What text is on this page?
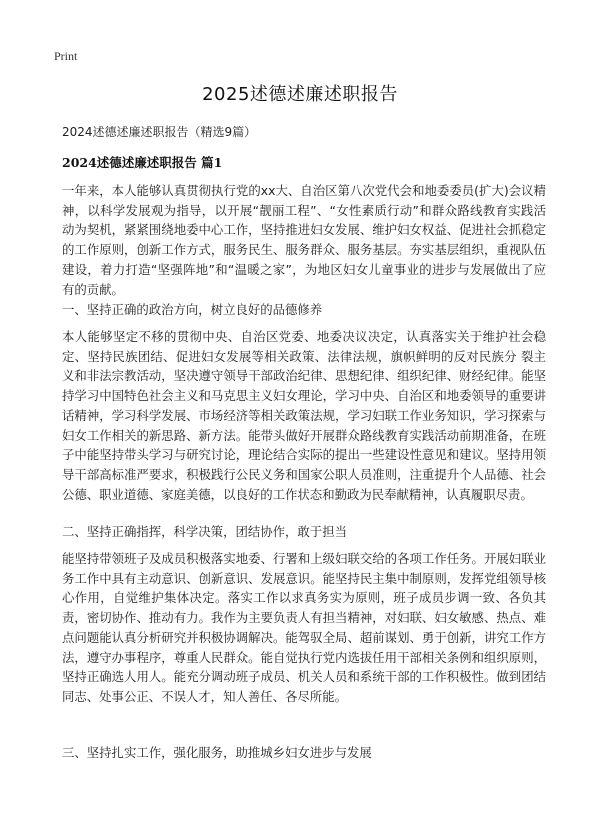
Print
2025述德述廉述职报告
2024述德述廉述职报告（精选9篇）
2024述德述廉述职报告 篇1

一年来，本人能够认真贯彻执行党的xx大、自治区第八次党代会和地委委员(扩大)会议精神，以科学发展观为指导，以开展“靓丽工程”、“女性素质行动”和群众路线教育实践活动为契机，紧紧围绕地委中心工作，坚持推进妇女发展、维护妇女权益、促进社会抓稳定的工作原则，创新工作方式，服务民生、服务群众、服务基层。夯实基层组织，重视队伍建设，着力打造“坚强阵地”和“温暖之家”，为地区妇女儿童事业的进步与发展做出了应有的贡献。

一、坚持正确的政治方向，树立良好的品德修养

本人能够坚定不移的贯彻中央、自治区党委、地委决议决定，认真落实关于维护社会稳定、坚持民族团结、促进妇女发展等相关政策、法律法规，旗帜鲜明的反对民族分 裂主义和非法宗教活动，坚决遵守领导干部政治纪律、思想纪律、组织纪律、财经纪律。能坚持学习中国特色社会主义和马克思主义妇女理论，学习中央、自治区和地委领导的重要讲话精神，学习科学发展、市场经济等相关政策法规，学习妇联工作业务知识，学习探索与妇女工作相关的新思路、新方法。能带头做好开展群众路线教育实践活动前期准备，在班子中能坚持带头学习与研究讨论，理论结合实际的提出一些建设性意见和建议。坚持用领导干部高标准严要求，积极践行公民义务和国家公职人员准则，注重提升个人品德、社会公德、职业道德、家庭美德，以良好的工作状态和勤政为民奉献精神，认真履职尽责。

二、坚持正确指挥，科学决策，团结协作，敢于担当

能坚持带领班子及成员积极落实地委、行署和上级妇联交给的各项工作任务。开展妇联业务工作中具有主动意识、创新意识、发展意识。能坚持民主集中制原则，发挥党组领导核心作用，自觉维护集体决定。落实工作以求真务实为原则，班子成员步调一致、各负其责，密切协作、推动有力。我作为主要负责人有担当精神，对妇联、妇女敏感、热点、难点问题能认真分析研究并积极协调解决。能驾驭全局、超前谋划、勇于创新，讲究工作方法，遵守办事程序，尊重人民群众。能自觉执行党内选拔任用干部相关条例和组织原则，坚持正确选人用人。能充分调动班子成员、机关人员和系统干部的工作积极性。做到团结同志、处事公正、不误人才，知人善任、各尽所能。

三、坚持扎实工作，强化服务，助推城乡妇女进步与发展
